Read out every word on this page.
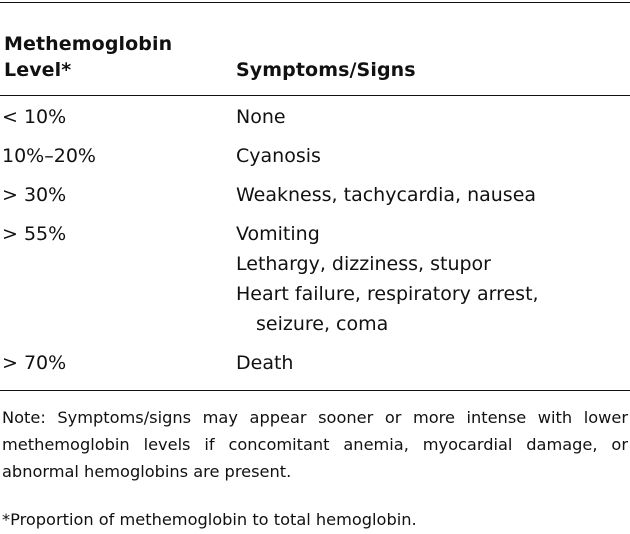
Methemoglobin
Level*	Symptoms/Signs
< 10%	None
10%–20%	Cyanosis
> 30%	Weakness, tachycardia, nausea
> 55%	Vomiting
Lethargy, dizziness, stupor
Heart failure, respiratory arrest,
seizure, coma
> 70%	Death
Note: Symptoms/signs may appear sooner or more intense with lower methemoglobin levels if concomitant anemia, myocardial damage, or abnormal hemoglobins are present.
*Proportion of methemoglobin to total hemoglobin.
